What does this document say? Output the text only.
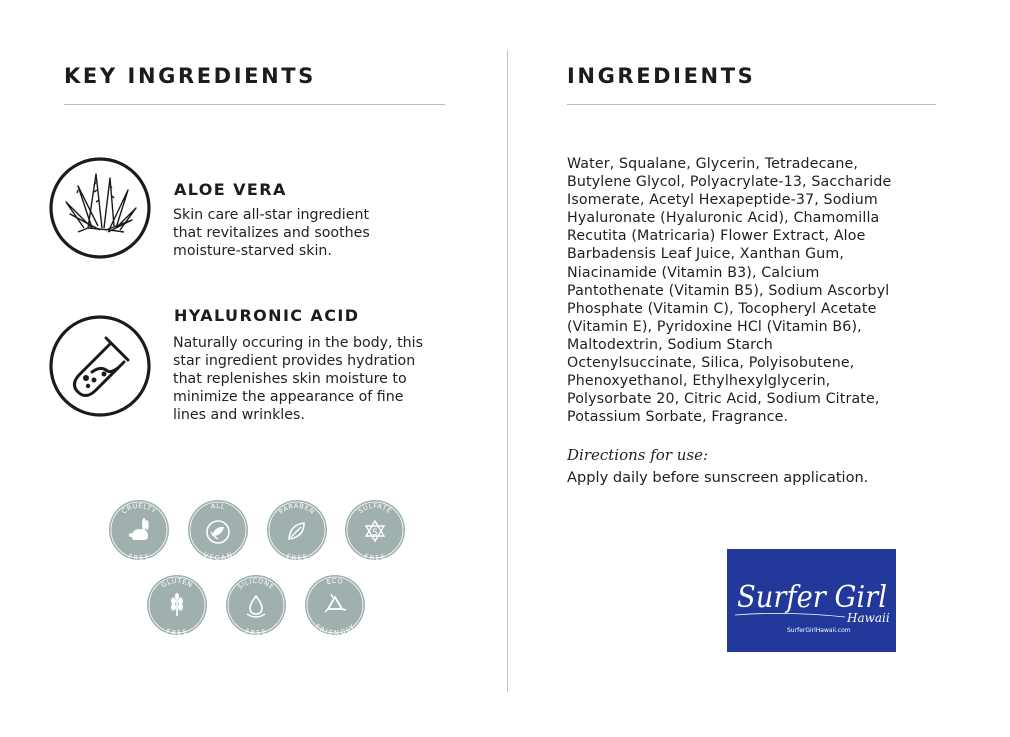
KEY INGREDIENTS
ALOE VERA
Skin care all-star ingredient
that revitalizes and soothes
moisture-starved skin.
HYALURONIC ACID
Naturally occuring in the body, this
star ingredient provides hydration
that replenishes skin moisture to
minimize the appearance of fine
lines and wrinkles.
CRUELTY
FREE
ALL
VEGAN
PARABEN
FREE
SULFATE
FREE
S
GLUTEN
FREE
SILICONE
FREE
ECO
FRIENDLY
INGREDIENTS
Water, Squalane, Glycerin, Tetradecane,
Butylene Glycol, Polyacrylate-13, Saccharide
Isomerate, Acetyl Hexapeptide-37, Sodium
Hyaluronate (Hyaluronic Acid), Chamomilla
Recutita (Matricaria) Flower Extract, Aloe
Barbadensis Leaf Juice, Xanthan Gum,
Niacinamide (Vitamin B3), Calcium
Pantothenate (Vitamin B5), Sodium Ascorbyl
Phosphate (Vitamin C), Tocopheryl Acetate
(Vitamin E), Pyridoxine HCl (Vitamin B6),
Maltodextrin, Sodium Starch
Octenylsuccinate, Silica, Polyisobutene,
Phenoxyethanol, Ethylhexylglycerin,
Polysorbate 20, Citric Acid, Sodium Citrate,
Potassium Sorbate, Fragrance.
Directions for use:
Apply daily before sunscreen application.
Surfer Girl
Hawaii
SurferGirlHawaii.com
